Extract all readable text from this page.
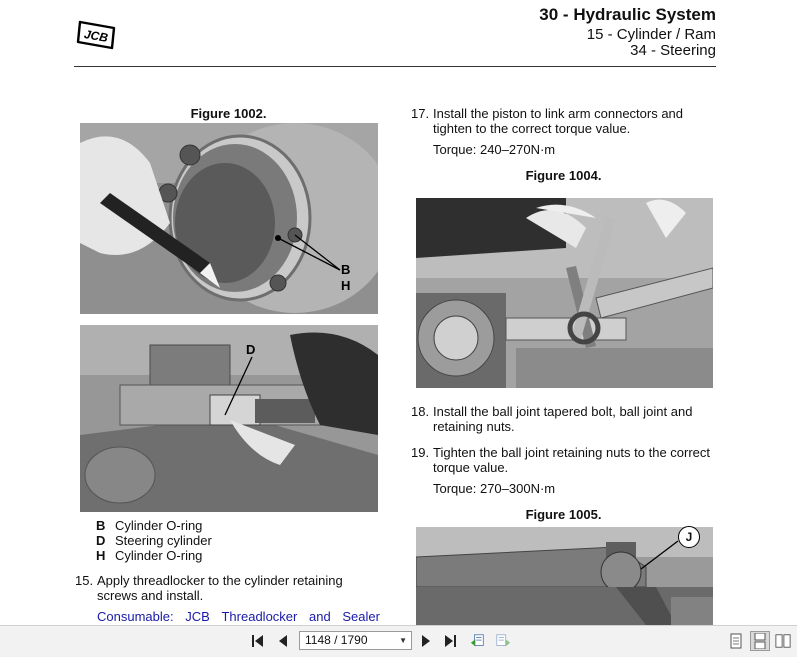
JCB
30 - Hydraulic System
15 - Cylinder / Ram
34 - Steering
Figure 1002.
B
H
D
B Cylinder O-ring
D Steering cylinder
H Cylinder O-ring
15. Apply threadlocker to the cylinder retaining
screws and install.
Consumable: JCB Threadlocker and Sealer
17. Install the piston to link arm connectors and
tighten to the correct torque value.
Torque: 240–270N·m
Figure 1004.
18. Install the ball joint tapered bolt, ball joint and
retaining nuts.
19. Tighten the ball joint retaining nuts to the correct
torque value.
Torque: 270–300N·m
Figure 1005.
J
1148 / 1790	▼
